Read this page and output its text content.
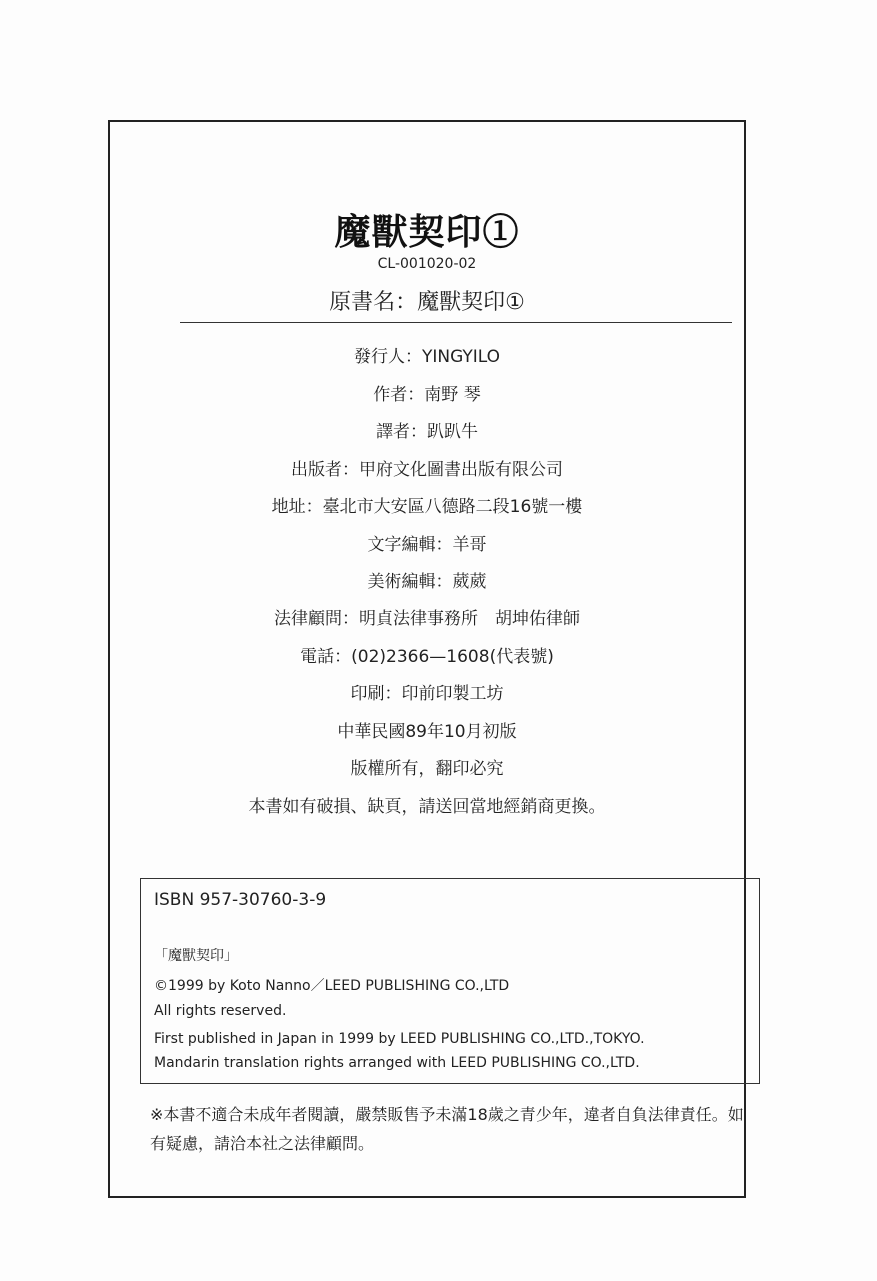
魔獸契印①
CL-001020-02
原書名：魔獸契印①
發行人：YINGYILO
作者：南野 琴
譯者：趴趴牛
出版者：甲府文化圖書出版有限公司
地址：臺北市大安區八德路二段16號一樓
文字編輯：羊哥
美術編輯：葳葳
法律顧問：明貞法律事務所　胡坤佑律師
電話：(02)2366—1608(代表號)
印刷：印前印製工坊
中華民國89年10月初版
版權所有，翻印必究
本書如有破損、缺頁，請送回當地經銷商更換。
ISBN 957-30760-3-9
「魔獸契印」
©1999 by Koto Nanno／LEED PUBLISHING CO.,LTD
All rights reserved.
First published in Japan in 1999 by LEED PUBLISHING CO.,LTD.,TOKYO.
Mandarin translation rights arranged with LEED PUBLISHING CO.,LTD.
※本書不適合未成年者閱讀，嚴禁販售予未滿18歲之青少年，違者自負法律責任。如有疑慮，請洽本社之法律顧問。
